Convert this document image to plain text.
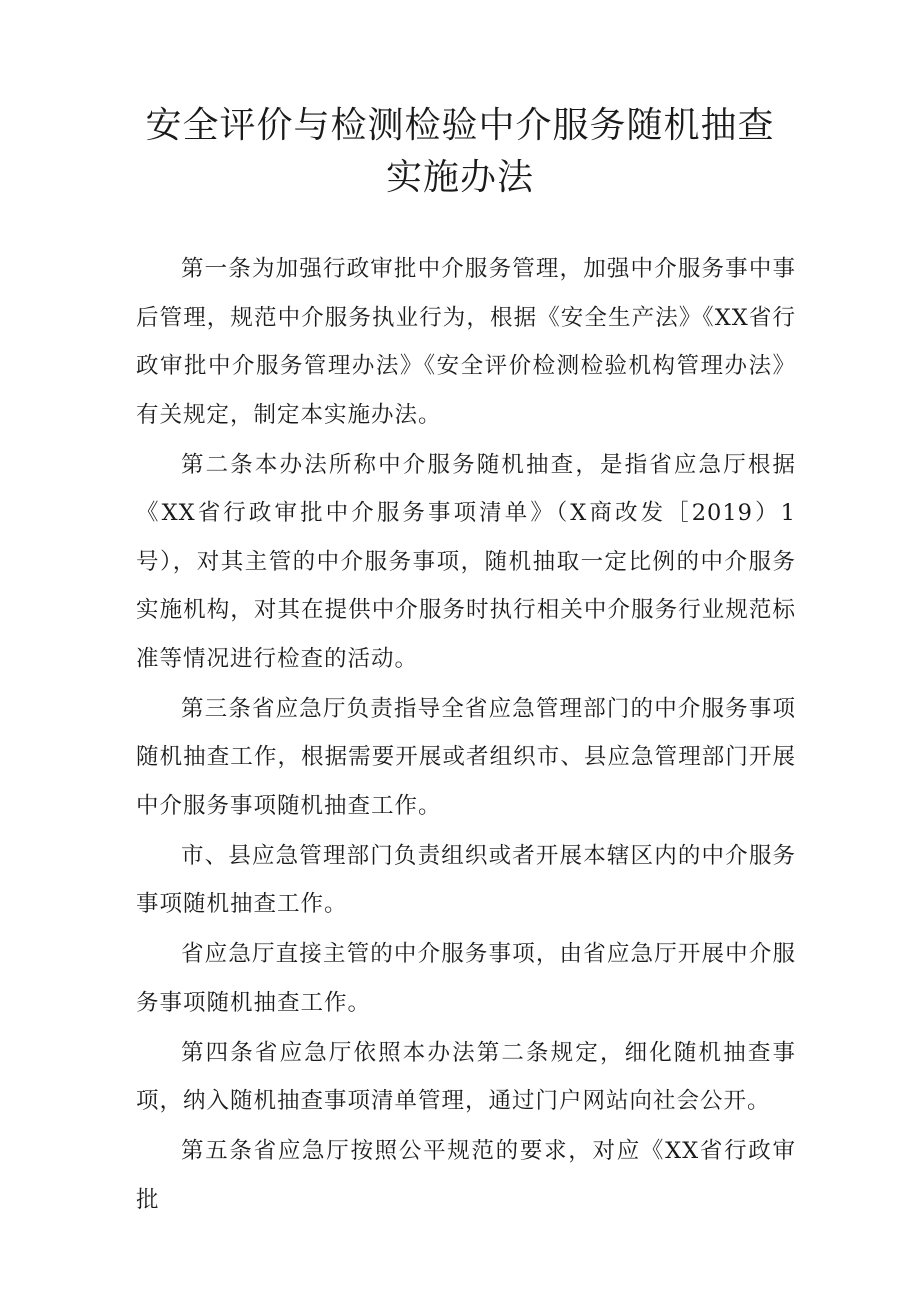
安全评价与检测检验中介服务随机抽查实施办法

第一条为加强行政审批中介服务管理，加强中介服务事中事后管理，规范中介服务执业行为，根据《安全生产法》《XX省行政审批中介服务管理办法》《安全评价检测检验机构管理办法》有关规定，制定本实施办法。

第二条本办法所称中介服务随机抽查，是指省应急厅根据《XX省行政审批中介服务事项清单》（X商改发［2019）1号），对其主管的中介服务事项，随机抽取一定比例的中介服务实施机构，对其在提供中介服务时执行相关中介服务行业规范标准等情况进行检查的活动。

第三条省应急厅负责指导全省应急管理部门的中介服务事项随机抽查工作，根据需要开展或者组织市、县应急管理部门开展中介服务事项随机抽查工作。

市、县应急管理部门负责组织或者开展本辖区内的中介服务事项随机抽查工作。

省应急厅直接主管的中介服务事项，由省应急厅开展中介服务事项随机抽查工作。

第四条省应急厅依照本办法第二条规定，细化随机抽查事项，纳入随机抽查事项清单管理，通过门户网站向社会公开。

第五条省应急厅按照公平规范的要求，对应《XX省行政审批
